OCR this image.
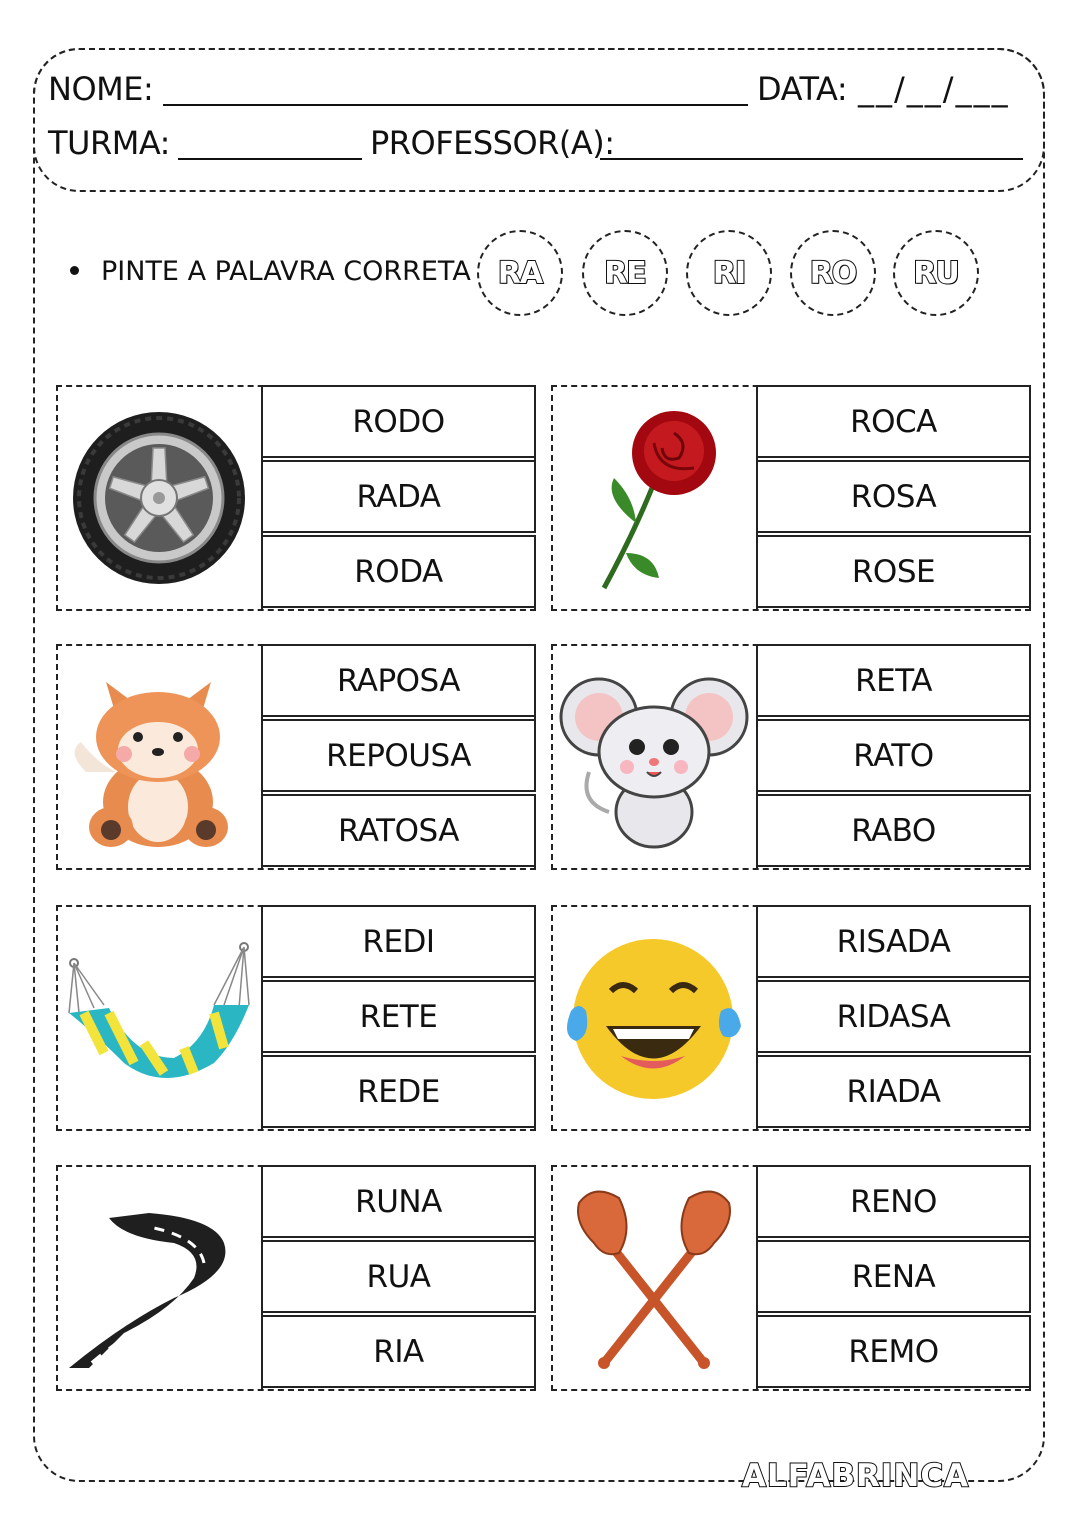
NOME:	DATA: __/__/___
TURMA:	PROFESSOR(A):
PINTE A PALAVRA CORRETA RA	RE	RI	RO	RU
RODO
RADA
RODA
ROCA
ROSA
ROSE
RAPOSA
REPOUSA
RATOSA
RETA
RATO
RABO
REDI
RETE
REDE
RISADA
RIDASA
RIADA
RUNA
RUA
RIA
RENO
RENA
REMO
ALFABRINCA
